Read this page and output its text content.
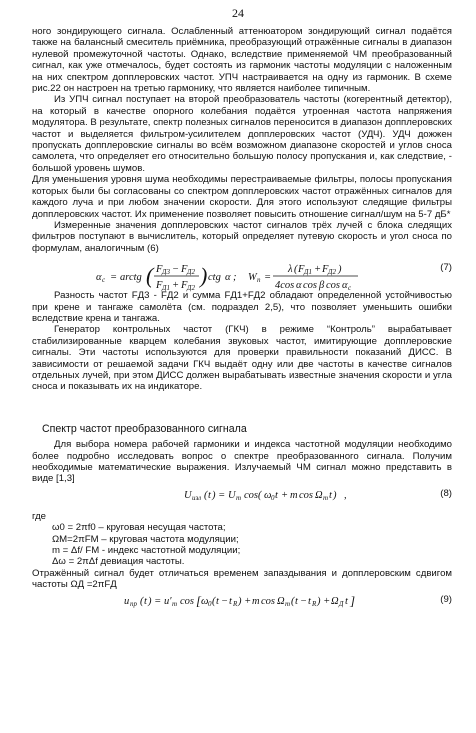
24

ного зондирующего сигнала. Ослабленный аттенюатором зондирующий сигнал подаётся также на балансный смеситель приёмника, преобразующий отражённые сигналы в диапазон нулевой промежуточной частоты. Однако, вследствие применяемой ЧМ преобразованный сигнал, как уже отмечалось, будет состоять из гармоник частоты модуляции с наложенным на них спектром допплеровских частот. УПЧ настраивается на одну из гармоник. В схеме рис.22 он настроен на третью гармонику, что является наиболее типичным.

Из УПЧ сигнал поступает на второй преобразователь частоты (когерентный детектор), на который в качестве опорного колебания подаётся утроенная частота напряжения модулятора. В результате, спектр полезных сигналов переносится в диапазон допплеровских частот и выделяется фильтром-усилителем допплеровских частот (УДЧ). УДЧ дожжен пропускать допплеровские сигналы во всём возможном диапазоне скоростей и углов сноса самолета, что определяет его относительно большую полосу пропускания и, как следствие, - большой уровень шумов.

Для уменьшения уровня шума необходимы перестраиваемые фильтры, полосы пропускания которых были бы согласованы со спектром допплеровских частот отражённых сигналов для каждого луча и при любом значении скорости. Для этого используют следящие фильтры допплеровских частот. Их применение позволяет повысить отношение сигнал/шум на 5-7 дБ*

Измеренные значения допплеровских частот сигналов трёх лучей с блока следящих фильтров поступают в вычислитель, который определяет путевую скорость и угол сноса по формулам, аналогичным (6)

α c = arctg ( F Д3 − F Д2
F Д1 + F Д2 ) ctg α ; W п =
λ ( F Д1 + F Д2 )
4cos α cos β cos α c
(7)

Разность частот FД3 - FД2 и сумма FД1+FД2 обладают определенной устойчивостью при крене и тангаже самолёта (см. подраздел 2,5), что позволяет уменьшить ошибки вследствие крена и тангажа.

Генератор контрольных частот (ГКЧ) в режиме “Контроль” вырабатывает стабилизированные кварцем колебания звуковых частот, имитирующие допплеровские сигналы. Эти частоты используются для проверки правильности показаний ДИСС. В зависимости от решаемой задачи ГКЧ выдаёт одну или две частоты в качестве сигналов отдельных лучей, при этом ДИСС должен вырабатывать известные значения скорости и угла сноса и показывать их на индикаторе.

Спектр частот преобразованного сигнала

Для выбора номера рабочей гармоники и индекса частотной модуляции необходимо более подробно исследовать вопрос о спектре преобразованного сигнала. Получим необходимые математические выражения. Излучаемый ЧМ сигнал можно представить в виде [1,3]

U изл ( t ) = U m cos( ω 0 t + m cos Ω m t ) ,	(8)

где

ω0 = 2πf0 – круговая несущая частота;
ΩМ=2πFМ – круговая частота модуляции;
m = Δf/ FМ - индекс частотной модуляции;
Δω = 2πΔf девиация частоты.

Отражённый сигнал будет отличаться временем запаздывания и допплеровским сдвигом частоты ΩД =2πFД

u пр ( t ) = u′ m cos [ ω 0 ( t − t R ) + m cos Ω m ( t − t R ) + Ω Д t ]	(9)
